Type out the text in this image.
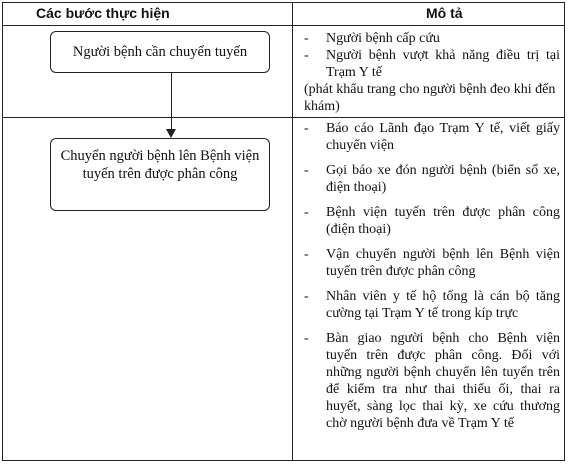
Các bước thực hiện	Mô tả
Người bệnh cần chuyển tuyến
Chuyển người bệnh lên Bệnh viện tuyến trên được phân công
- Người bệnh cấp cứu
- Người bệnh vượt khả năng điều trị tại Trạm Y tế
(phát khẩu trang cho người bệnh đeo khi đến khám)
- Báo cáo Lãnh đạo Trạm Y tế, viết giấy chuyển viện
- Gọi báo xe đón người bệnh (biển số xe, điện thoại)
- Bệnh viện tuyến trên được phân công (điện thoại)
- Vận chuyển người bệnh lên Bệnh viện tuyến trên được phân công
- Nhân viên y tế hộ tống là cán bộ tăng cường tại Trạm Y tế trong kíp trực
- Bàn giao người bệnh cho Bệnh viện tuyến trên được phân công. Đối với những người bệnh chuyển lên tuyến trên để kiểm tra như thai thiểu ối, thai ra huyết, sàng lọc thai kỳ, xe cứu thương chờ người bệnh đưa về Trạm Y tế
